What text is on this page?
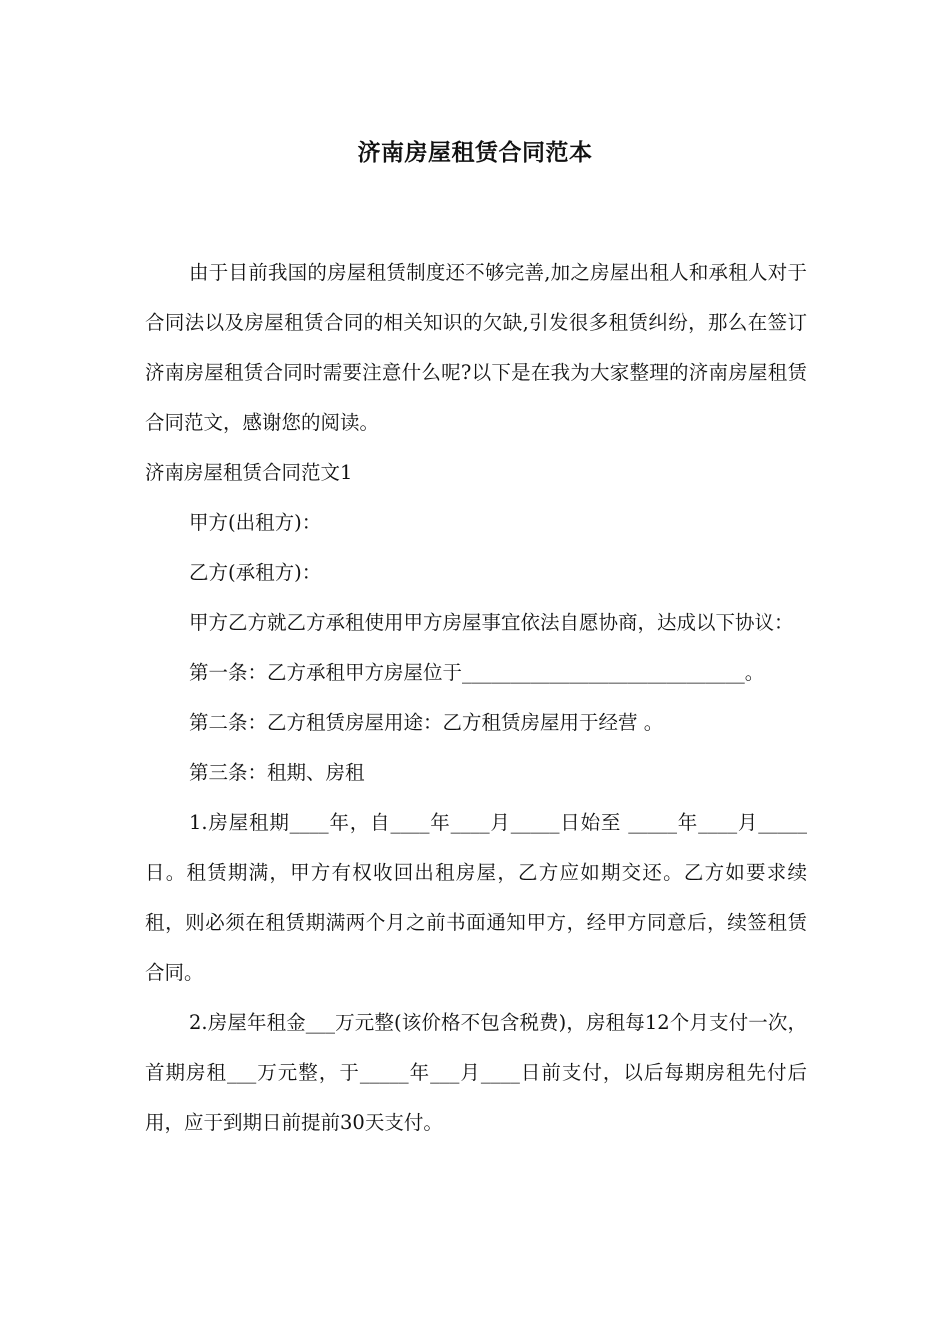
济南房屋租赁合同范本

由于目前我国的房屋租赁制度还不够完善,加之房屋出租人和承租人对于合同法以及房屋租赁合同的相关知识的欠缺,引发很多租赁纠纷，那么在签订济南房屋租赁合同时需要注意什么呢?以下是在我为大家整理的济南房屋租赁合同范文，感谢您的阅读。

济南房屋租赁合同范文1

甲方(出租方)：

乙方(承租方)：

甲方乙方就乙方承租使用甲方房屋事宜依法自愿协商，达成以下协议：

第一条：乙方承租甲方房屋位于_____________________________。

第二条：乙方租赁房屋用途：乙方租赁房屋用于经营 。

第三条：租期、房租

1.房屋租期____年，自____年____月_____日始至 _____年____月_____日。租赁期满，甲方有权收回出租房屋，乙方应如期交还。乙方如要求续租，则必须在租赁期满两个月之前书面通知甲方，经甲方同意后，续签租赁合同。

2.房屋年租金___万元整(该价格不包含税费)，房租每12个月支付一次，首期房租___万元整，于_____年___月____日前支付，以后每期房租先付后用，应于到期日前提前30天支付。
